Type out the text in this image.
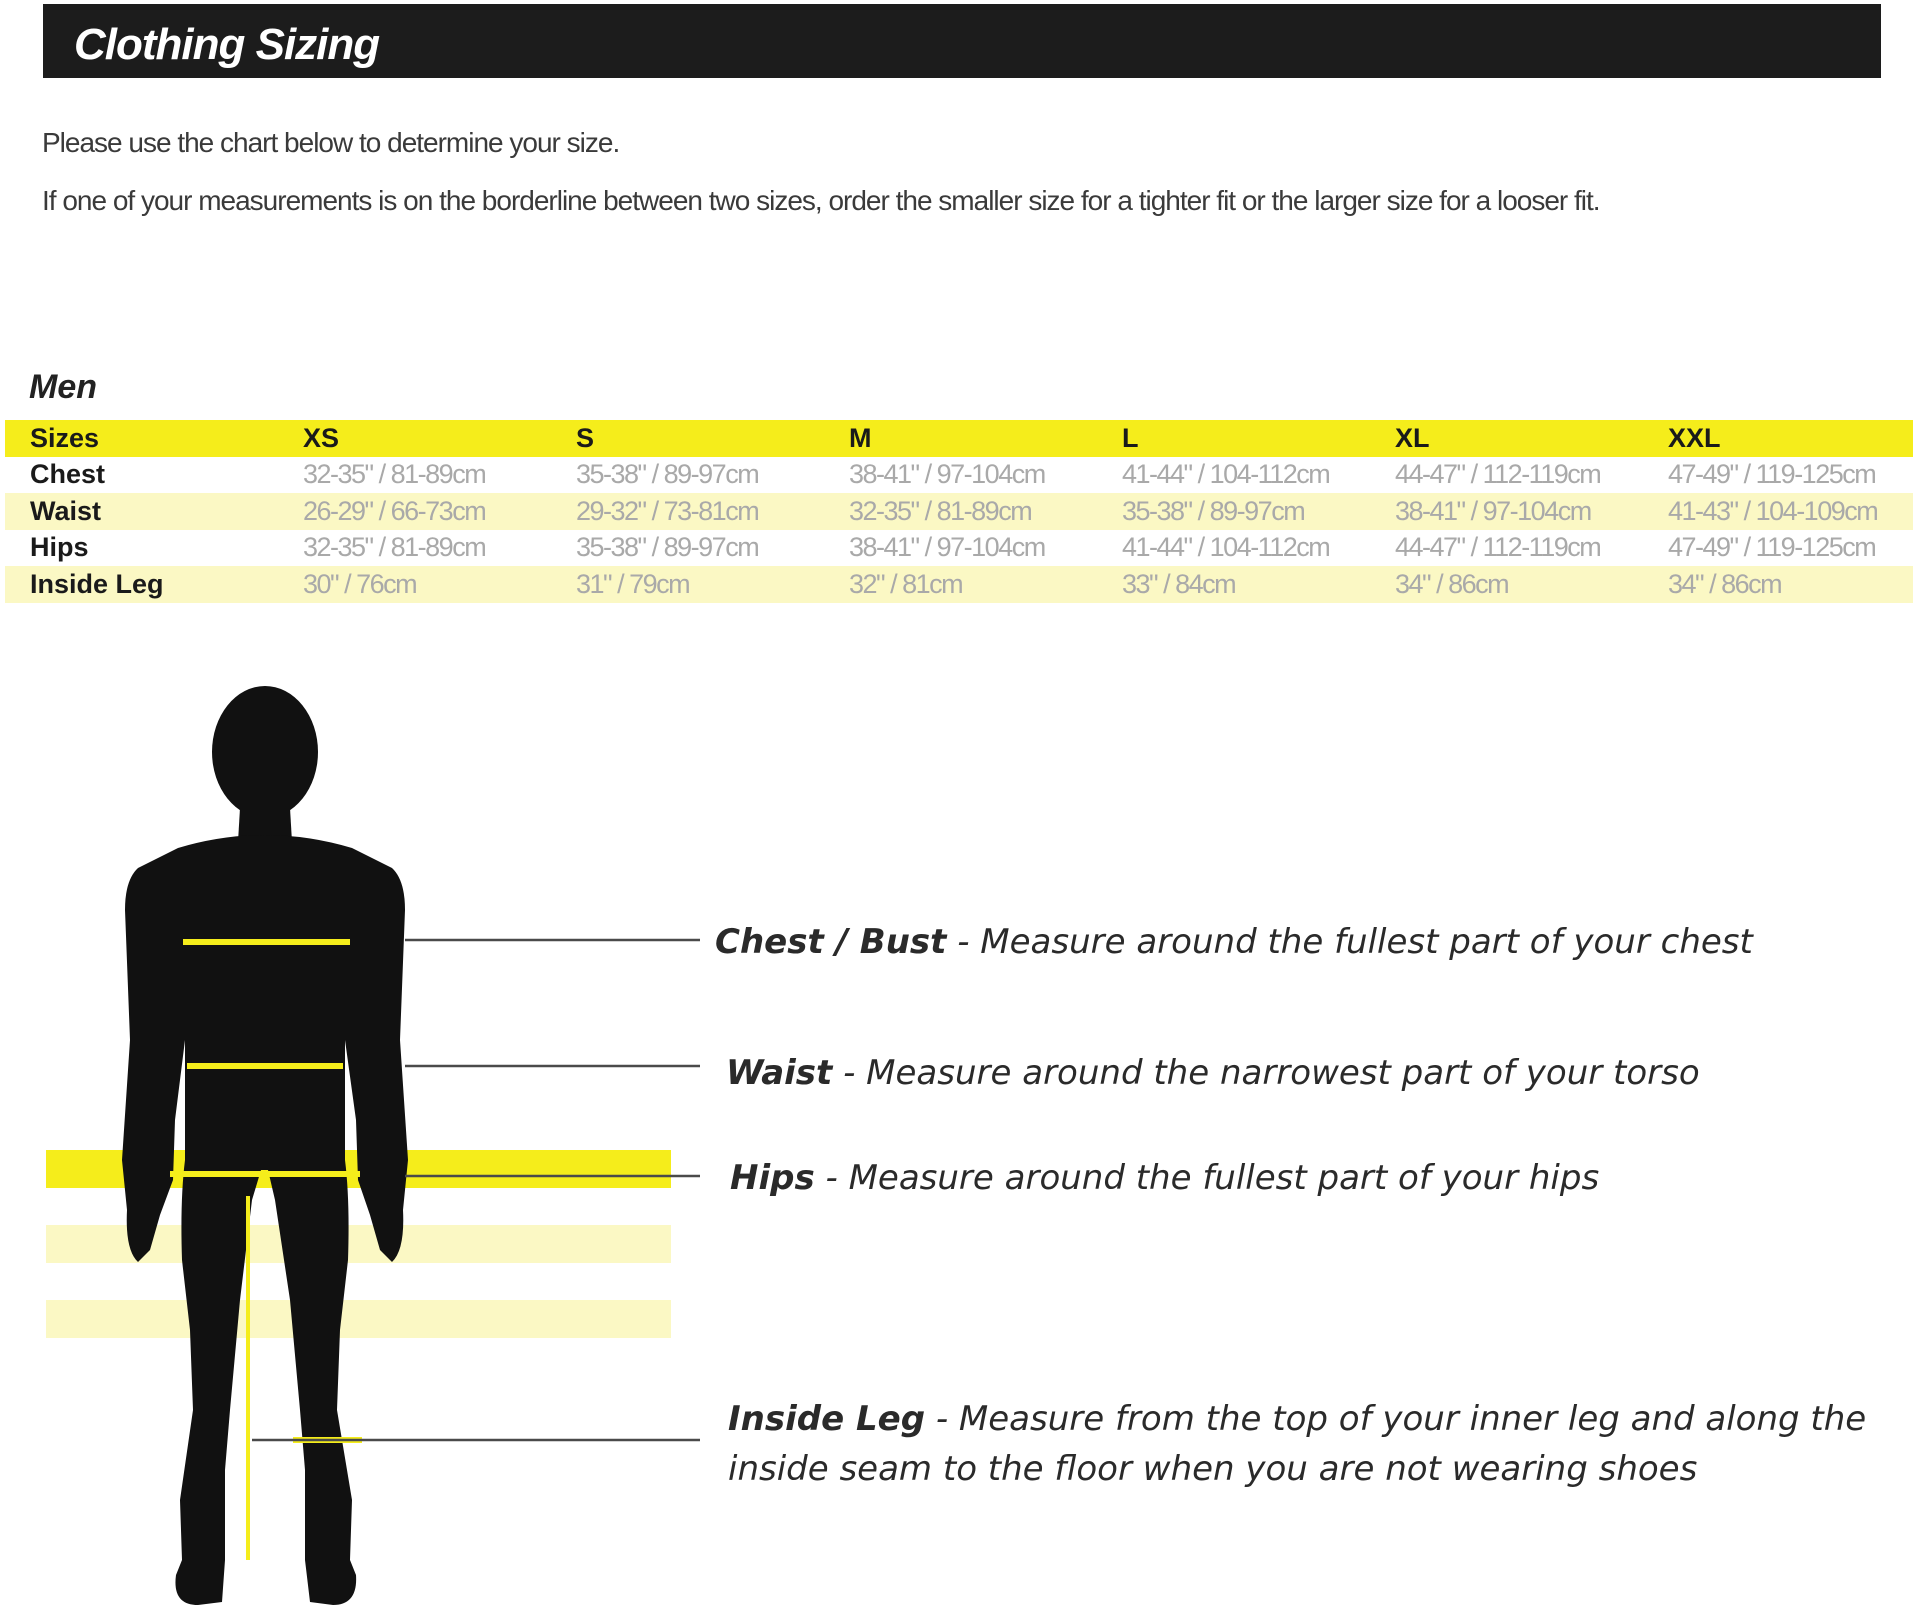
Clothing Sizing
Please use the chart below to determine your size.
If one of your measurements is on the borderline between two sizes, order the smaller size for a tighter fit or the larger size for a looser fit.
Men
Sizes	XS	S	M	L	XL	XXL
Chest	32-35" / 81-89cm	35-38" / 89-97cm	38-41" / 97-104cm	41-44" / 104-112cm	44-47" / 112-119cm	47-49" / 119-125cm
Waist	26-29" / 66-73cm	29-32" / 73-81cm	32-35" / 81-89cm	35-38" / 89-97cm	38-41" / 97-104cm	41-43" / 104-109cm
Hips	32-35" / 81-89cm	35-38" / 89-97cm	38-41" / 97-104cm	41-44" / 104-112cm	44-47" / 112-119cm	47-49" / 119-125cm
Inside Leg	30" / 76cm	31" / 79cm	32" / 81cm	33" / 84cm	34" / 86cm	34" / 86cm
Chest / Bust - Measure around the fullest part of your chest
Waist - Measure around the narrowest part of your torso
Hips - Measure around the fullest part of your hips
Inside Leg - Measure from the top of your inner leg and along the
inside seam to the floor when you are not wearing shoes
